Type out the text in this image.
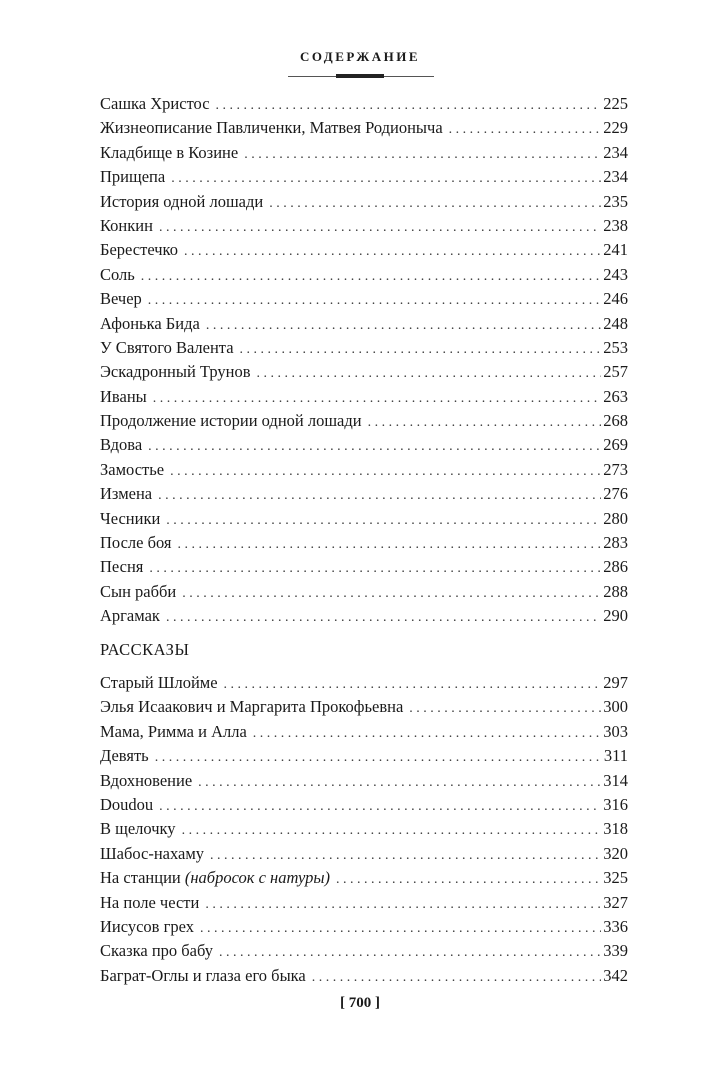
СОДЕРЖАНИЕ
Сашка Христос . . .	225
Жизнеописание Павличенки, Матвея Родионыча . . .	229
Кладбище в Козине . . .	234
Прищепа . . .	234
История одной лошади . . .	235
Конкин . . .	238
Берестечко . . .	241
Соль . . .	243
Вечер . . .	246
Афонька Бида . . .	248
У Святого Валента . . .	253
Эскадронный Трунов . . .	257
Иваны . . .	263
Продолжение истории одной лошади . . .	268
Вдова . . .	269
Замостье . . .	273
Измена . . .	276
Чесники . . .	280
После боя . . .	283
Песня . . .	286
Сын рабби . . .	288
Аргамак . . .	290
РАССКАЗЫ
Старый Шлойме . . .	297
Элья Исаакович и Маргарита Прокофьевна . . .	300
Мама, Римма и Алла . . .	303
Девять . . .	311
Вдохновение . . .	314
Doudou . . .	316
В щелочку . . .	318
Шабос-нахаму . . .	320
На станции (набросок с натуры) . . .	325
На поле чести . . .	327
Иисусов грех . . .	336
Сказка про бабу . . .	339
Баграт-Оглы и глаза его быка . . .	342
[ 700 ]
